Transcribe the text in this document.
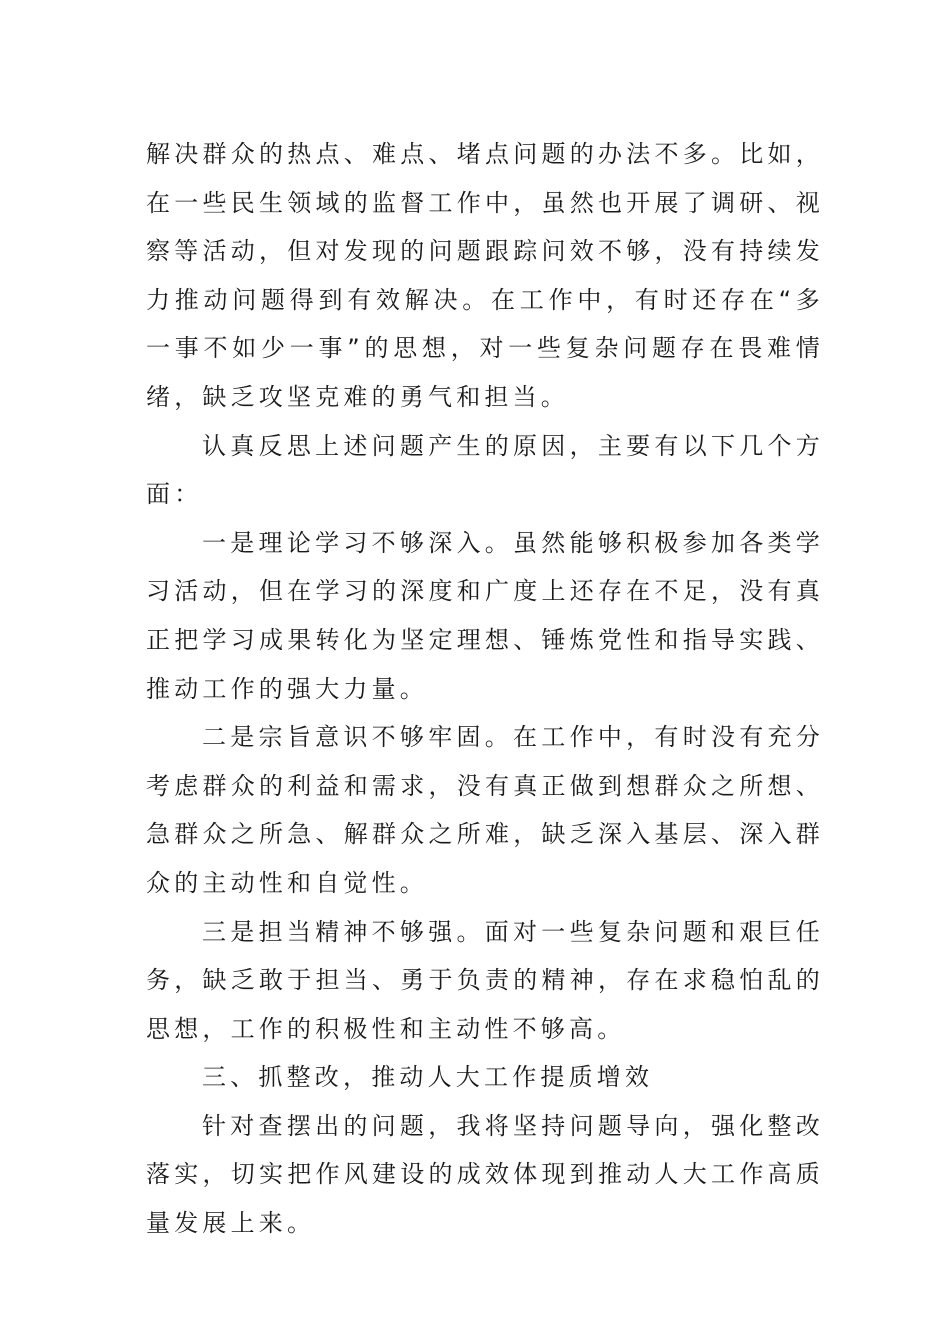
解决群众的热点、难点、堵点问题的办法不多。比如，在一些民生领域的监督工作中，虽然也开展了调研、视察等活动，但对发现的问题跟踪问效不够，没有持续发力推动问题得到有效解决。在工作中，有时还存在“多一事不如少一事”的思想，对一些复杂问题存在畏难情绪，缺乏攻坚克难的勇气和担当。

认真反思上述问题产生的原因，主要有以下几个方面：

一是理论学习不够深入。虽然能够积极参加各类学习活动，但在学习的深度和广度上还存在不足，没有真正把学习成果转化为坚定理想、锤炼党性和指导实践、推动工作的强大力量。

二是宗旨意识不够牢固。在工作中，有时没有充分考虑群众的利益和需求，没有真正做到想群众之所想、急群众之所急、解群众之所难，缺乏深入基层、深入群众的主动性和自觉性。

三是担当精神不够强。面对一些复杂问题和艰巨任务，缺乏敢于担当、勇于负责的精神，存在求稳怕乱的思想，工作的积极性和主动性不够高。

三、抓整改，推动人大工作提质增效

针对查摆出的问题，我将坚持问题导向，强化整改落实，切实把作风建设的成效体现到推动人大工作高质量发展上来。
